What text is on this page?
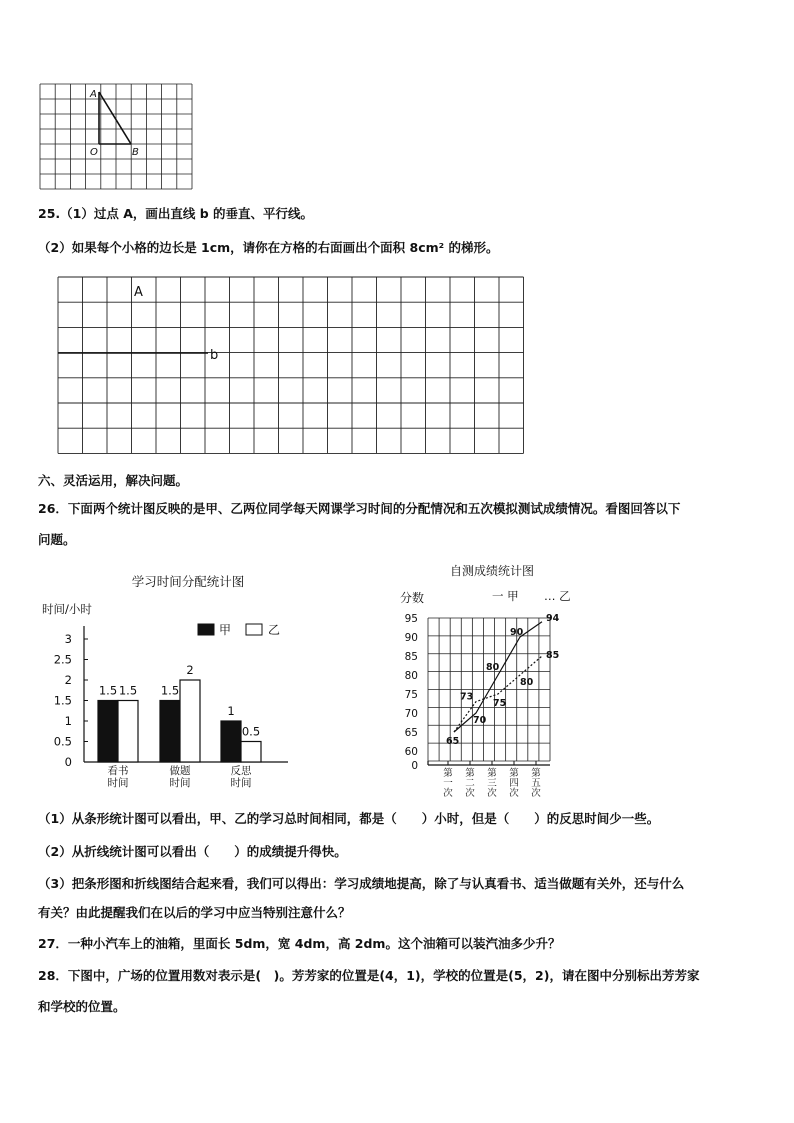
A
O	B
25.（1）过点 A，画出直线 b 的垂直、平行线。
（2）如果每个小格的边长是 1cm，请你在方格的右面画出个面积 8cm² 的梯形。
A
b
六、灵活运用，解决问题。
26．下面两个统计图反映的是甲、乙两位同学每天网课学习时间的分配情况和五次模拟测试成绩情况。看图回答以下
问题。
学习时间分配统计图
时间/小时
0
0.5
1
1.5
2
2.5
3
1.5 1.5
看书
时间
1.5
2
做题
时间
1
0.5
反思
时间
甲	乙
自测成绩统计图
分数	一 甲 … 乙
0
60
65
70
75
80
85
90
95
65
70
80
90
94
73
75
80
85
第
一
次
第
二
次
第
三
次
第
四
次
第
五
次
（1）从条形统计图可以看出，甲、乙的学习总时间相同，都是（　　）小时，但是（　　）的反思时间少一些。
（2）从折线统计图可以看出（　　）的成绩提升得快。
（3）把条形图和折线图结合起来看，我们可以得出：学习成绩地提高，除了与认真看书、适当做题有关外，还与什么
有关？由此提醒我们在以后的学习中应当特别注意什么？
27．一种小汽车上的油箱，里面长 5dm，宽 4dm，高 2dm。这个油箱可以装汽油多少升？
28．下图中，广场的位置用数对表示是(　)。芳芳家的位置是(4，1)，学校的位置是(5，2)，请在图中分别标出芳芳家
和学校的位置。
